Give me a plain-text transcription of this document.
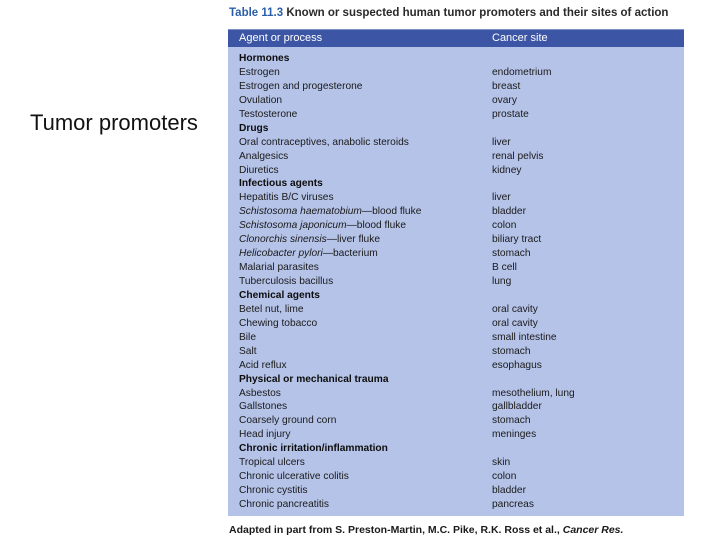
Tumor promoters
Table 11.3 Known or suspected human tumor promoters and their sites of action
Agent or process	Cancer site
Hormones
Estrogen	endometrium
Estrogen and progesterone	breast
Ovulation	ovary
Testosterone	prostate
Drugs
Oral contraceptives, anabolic steroids	liver
Analgesics	renal pelvis
Diuretics	kidney
Infectious agents
Hepatitis B/C viruses	liver
Schistosoma haematobium—blood fluke	bladder
Schistosoma japonicum—blood fluke	colon
Clonorchis sinensis—liver fluke	biliary tract
Helicobacter pylori—bacterium	stomach
Malarial parasites	B cell
Tuberculosis bacillus	lung
Chemical agents
Betel nut, lime	oral cavity
Chewing tobacco	oral cavity
Bile	small intestine
Salt	stomach
Acid reflux	esophagus
Physical or mechanical trauma
Asbestos	mesothelium, lung
Gallstones	gallbladder
Coarsely ground corn	stomach
Head injury	meninges
Chronic irritation/inflammation
Tropical ulcers	skin
Chronic ulcerative colitis	colon
Chronic cystitis	bladder
Chronic pancreatitis	pancreas
Adapted in part from S. Preston-Martin, M.C. Pike, R.K. Ross et al., Cancer Res.
